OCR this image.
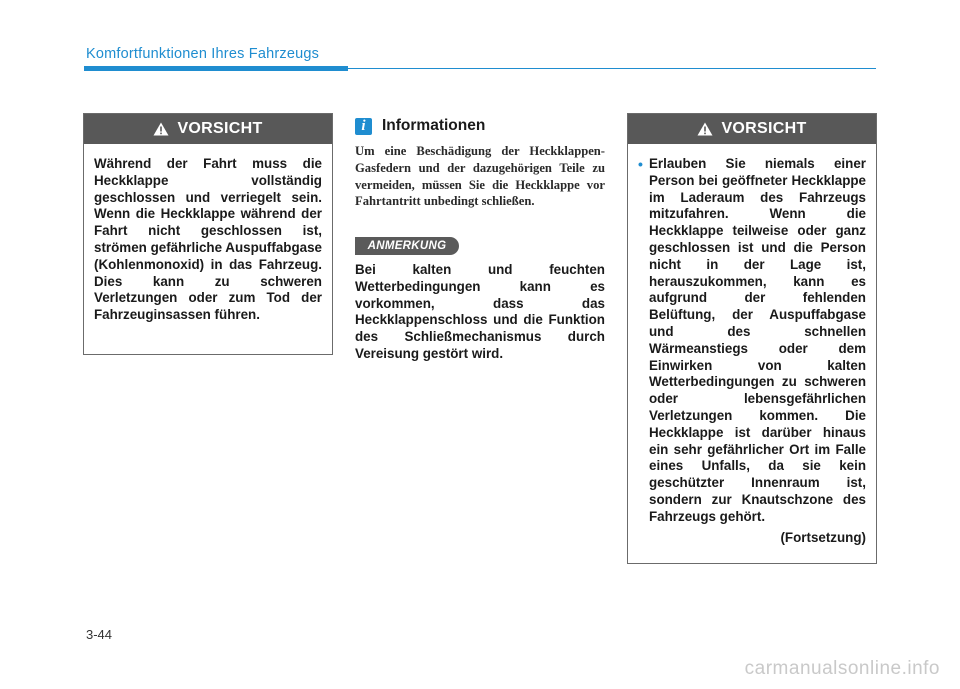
Komfortfunktionen Ihres Fahrzeugs
VORSICHT
Während der Fahrt muss die Heckklappe vollständig geschlossen und verriegelt sein. Wenn die Heckklappe während der Fahrt nicht geschlossen ist, strömen gefährliche Auspuffabgase (Kohlenmonoxid) in das Fahrzeug. Dies kann zu schweren Verletzungen oder zum Tod der Fahrzeuginsassen führen.
i	Informationen
Um eine Beschädigung der Heckklappen-Gasfedern und der dazugehörigen Teile zu vermeiden, müssen Sie die Heckklappe vor Fahrtantritt unbedingt schließen.
ANMERKUNG
Bei kalten und feuchten Wetterbedingungen kann es vorkommen, dass das Heckklappenschloss und die Funktion des Schließmechanismus durch Vereisung gestört wird.
VORSICHT
• Erlauben Sie niemals einer Person bei geöffneter Heckklappe im Laderaum des Fahrzeugs mitzufahren. Wenn die Heckklappe teilweise oder ganz geschlossen ist und die Person nicht in der Lage ist, herauszukommen, kann es aufgrund der fehlenden Belüftung, der Auspuffabgase und des schnellen Wärmeanstiegs oder dem Einwirken von kalten Wetterbedingungen zu schweren oder lebensgefährlichen Verletzungen kommen. Die Heckklappe ist darüber hinaus ein sehr gefährlicher Ort im Falle eines Unfalls, da sie kein geschützter Innenraum ist, sondern zur Knautschzone des Fahrzeugs gehört.
(Fortsetzung)
3-44
carmanualsonline.info
